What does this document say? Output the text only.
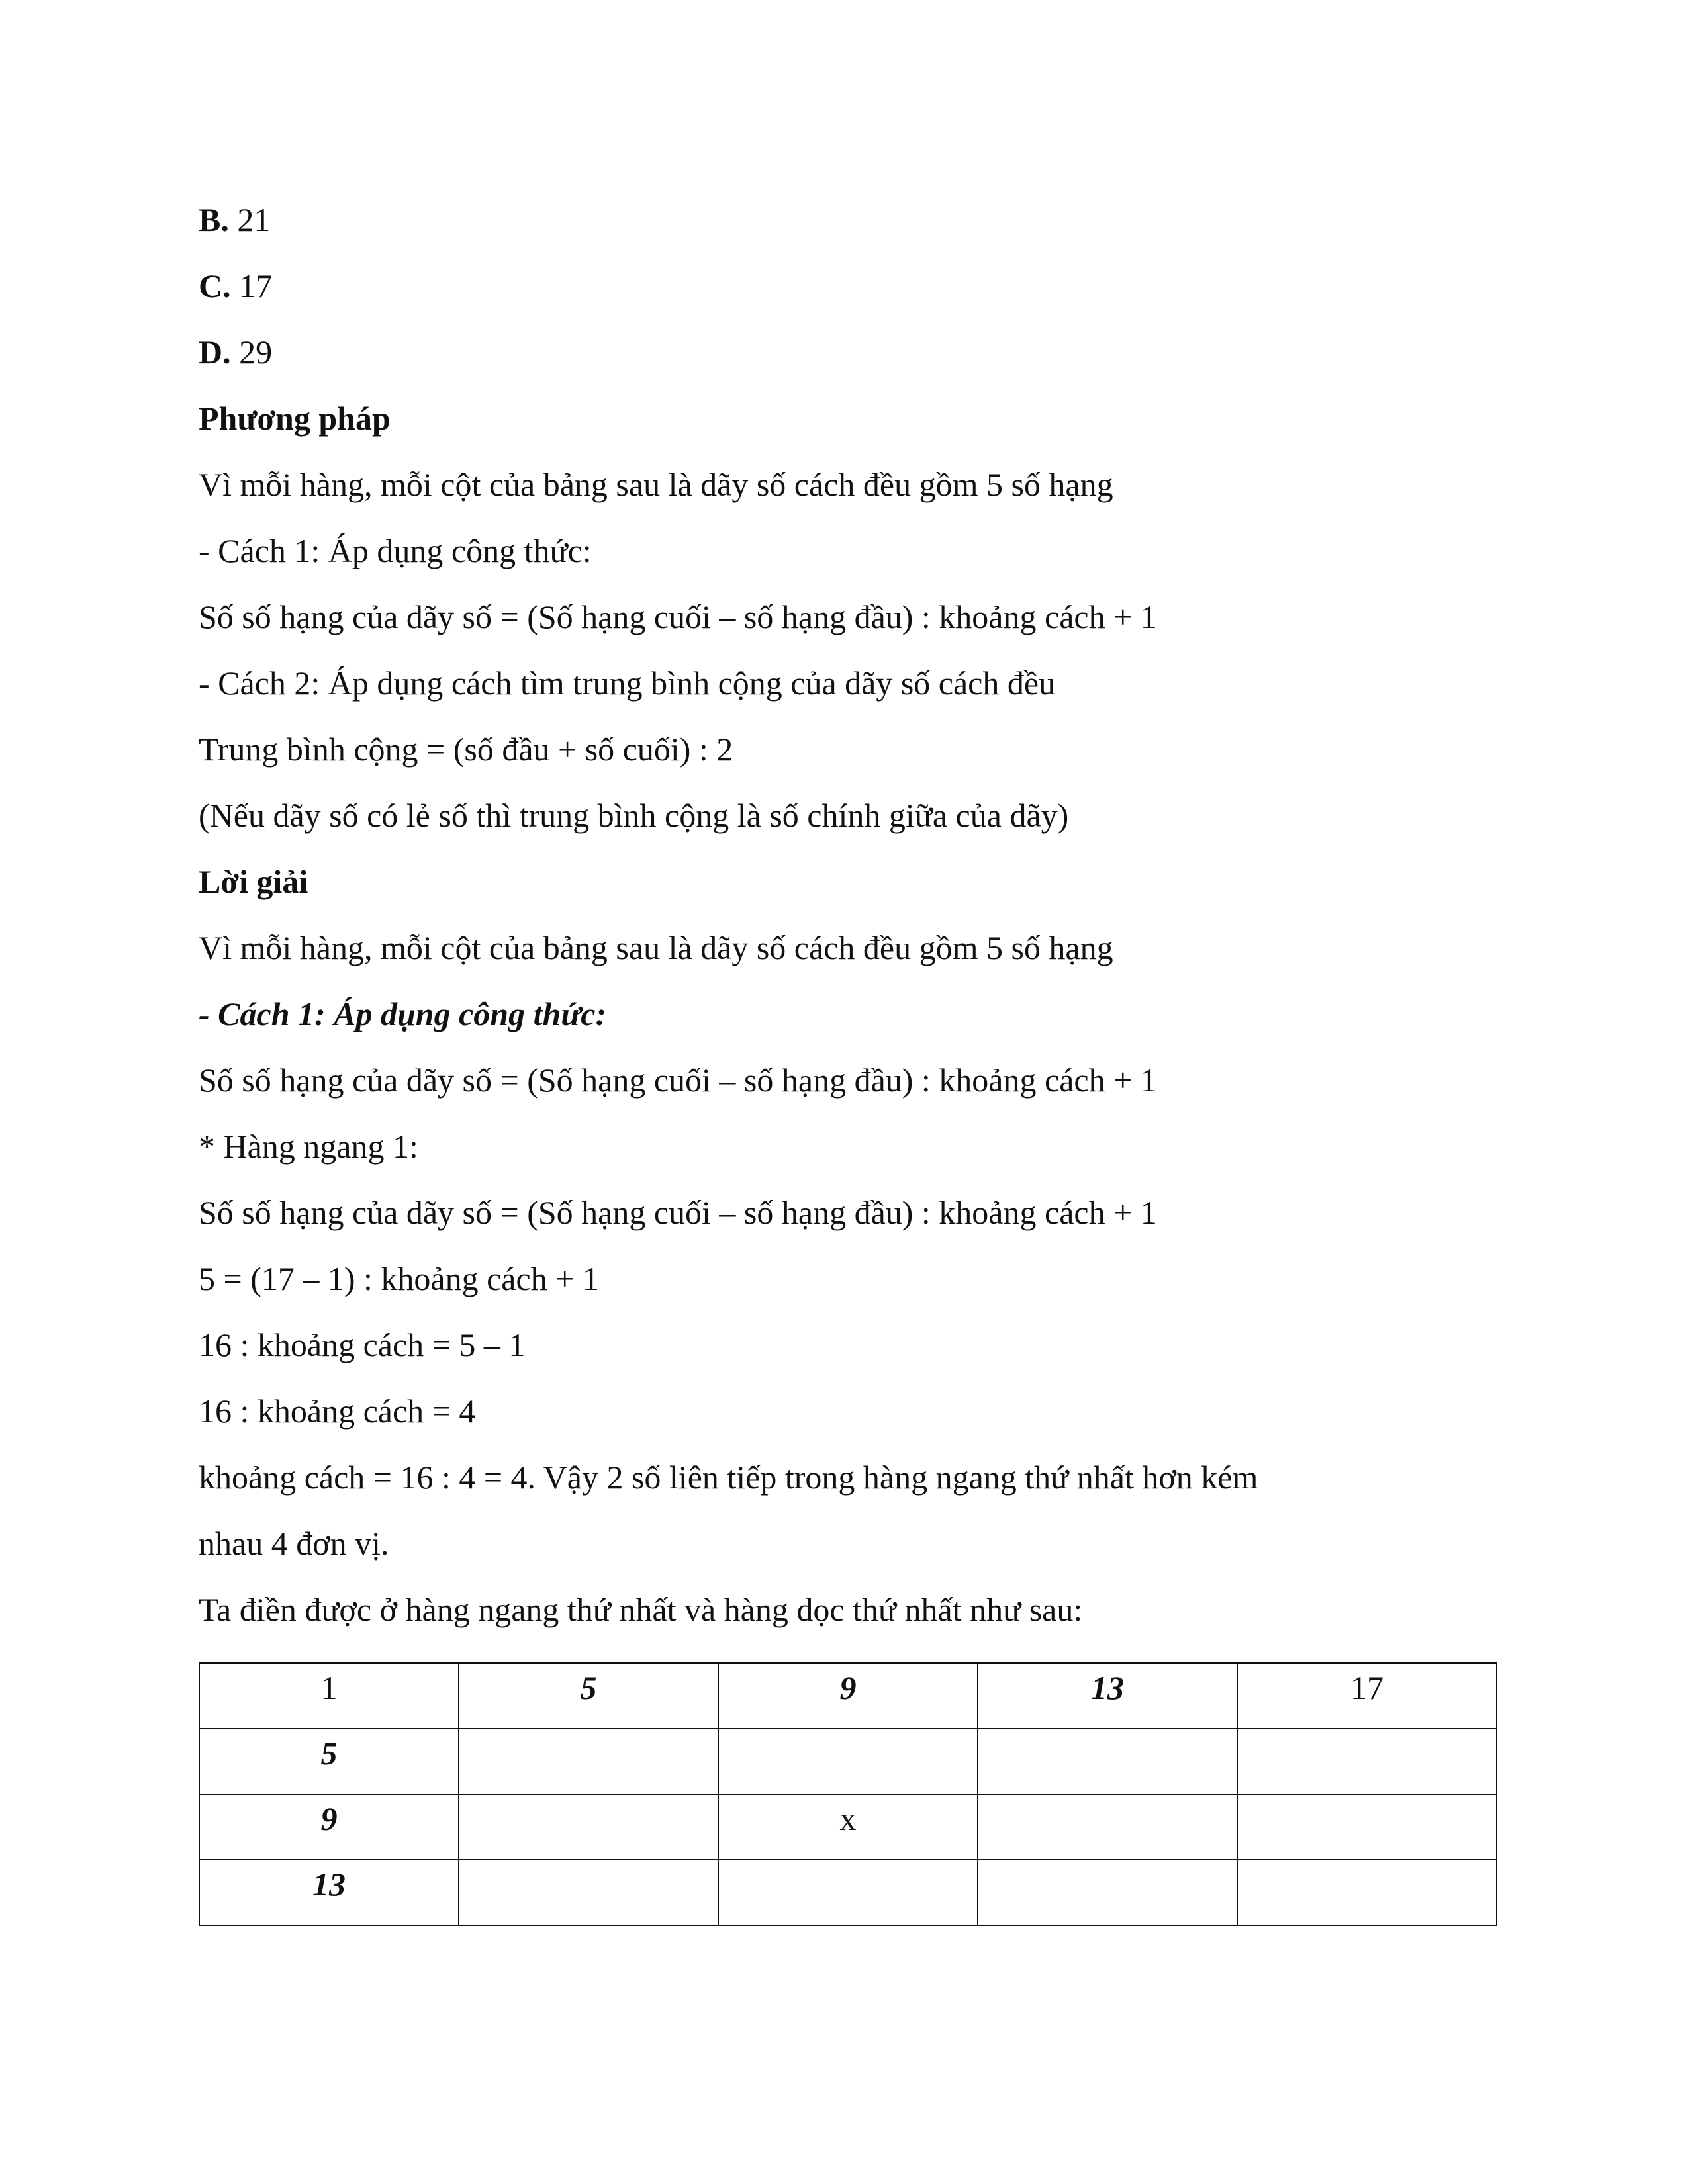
B. 21
C. 17
D. 29
Phương pháp
Vì mỗi hàng, mỗi cột của bảng sau là dãy số cách đều gồm 5 số hạng
- Cách 1: Áp dụng công thức:
Số số hạng của dãy số = (Số hạng cuối – số hạng đầu) : khoảng cách + 1
- Cách 2: Áp dụng cách tìm trung bình cộng của dãy số cách đều
Trung bình cộng = (số đầu + số cuối) : 2
(Nếu dãy số có lẻ số thì trung bình cộng là số chính giữa của dãy)
Lời giải
Vì mỗi hàng, mỗi cột của bảng sau là dãy số cách đều gồm 5 số hạng
- Cách 1: Áp dụng công thức:
Số số hạng của dãy số = (Số hạng cuối – số hạng đầu) : khoảng cách + 1
* Hàng ngang 1:
Số số hạng của dãy số = (Số hạng cuối – số hạng đầu) : khoảng cách + 1
5 = (17 – 1) : khoảng cách + 1
16 : khoảng cách = 5 – 1
16 : khoảng cách = 4
khoảng cách = 16 : 4 = 4. Vậy 2 số liên tiếp trong hàng ngang thứ nhất hơn kém
nhau 4 đơn vị.
Ta điền được ở hàng ngang thứ nhất và hàng dọc thứ nhất như sau:
1	5	9	13	17
5				
9		x		
13				
